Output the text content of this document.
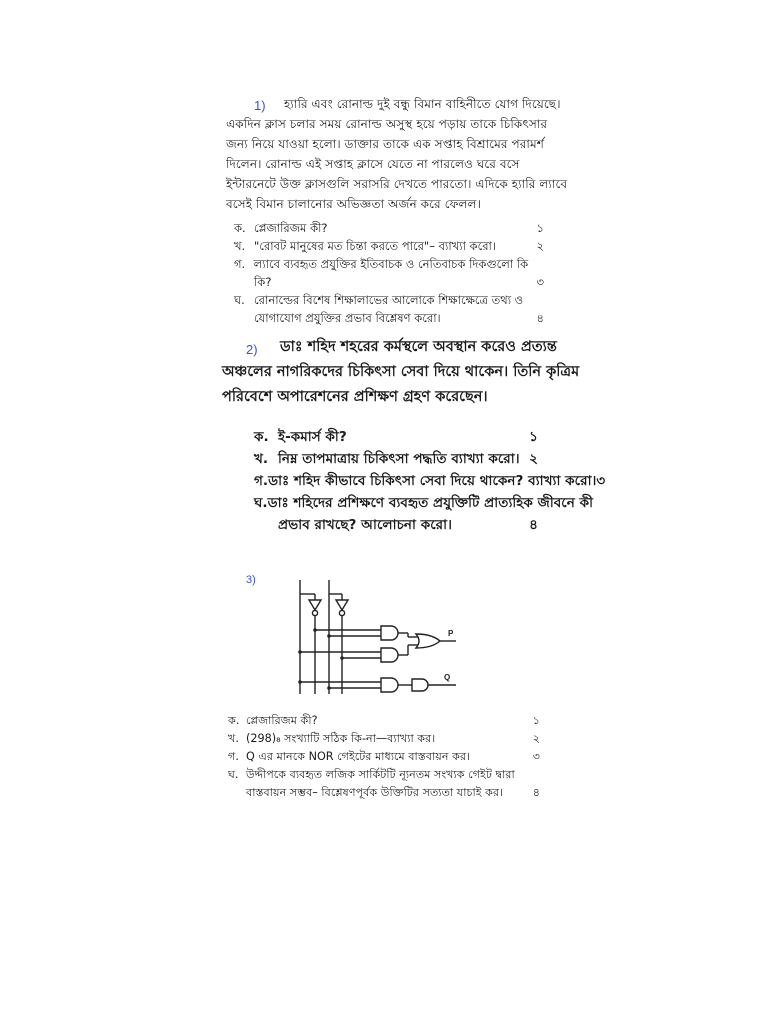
1)	হ্যারি এবং রোনাল্ড দুই বন্ধু বিমান বাহিনীতে যোগ দিয়েছে।
একদিন ক্লাস চলার সময় রোনাল্ড অসুস্থ হয়ে পড়ায় তাকে চিকিৎসার
জন্য নিয়ে যাওয়া হলো। ডাক্তার তাকে এক সপ্তাহ বিশ্রামের পরামর্শ
দিলেন। রোনাল্ড এই সপ্তাহ ক্লাসে যেতে না পারলেও ঘরে বসে
ইন্টারনেটে উক্ত ক্লাসগুলি সরাসরি দেখতে পারতো। এদিকে হ্যারি ল্যাবে
বসেই বিমান চালানোর অভিজ্ঞতা অর্জন করে ফেলল।
ক. প্লেজারিজম কী?	১
খ. "রোবট মানুষের মত চিন্তা করতে পারে"– ব্যাখ্যা করো।	২
গ. ল্যাবে ব্যবহৃত প্রযুক্তির ইতিবাচক ও নেতিবাচক দিকগুলো কি
কি?	৩
ঘ. রোনাল্ডের বিশেষ শিক্ষালাভের আলোকে শিক্ষাক্ষেত্রে তথ্য ও
যোগাযোগ প্রযুক্তির প্রভাব বিশ্লেষণ করো।	৪
2)	ডাঃ শহিদ শহরের কর্মস্থলে অবস্থান করেও প্রত্যন্ত
অঞ্চলের নাগরিকদের চিকিৎসা সেবা দিয়ে থাকেন। তিনি কৃত্রিম
পরিবেশে অপারেশনের প্রশিক্ষণ গ্রহণ করেছেন।
ক. ই-কমার্স কী?	১
খ. নিম্ন তাপমাত্রায় চিকিৎসা পদ্ধতি ব্যাখ্যা করো। ২
গ. ডাঃ শহিদ কীভাবে চিকিৎসা সেবা দিয়ে থাকেন? ব্যাখ্যা করো। ৩
ঘ. ডাঃ শহিদের প্রশিক্ষণে ব্যবহৃত প্রযুক্তিটি প্রাত্যহিক জীবনে কী
প্রভাব রাখছে? আলোচনা করো।	৪
3)
P
Q
ক. প্লেজারিজম কী?	১
খ. (298)₈ সংখ্যাটি সঠিক কি-না—ব্যাখ্যা কর।	২
গ. Q এর মানকে NOR গেইটের মাধ্যমে বাস্তবায়ন কর।	৩
ঘ. উদ্দীপকে ব্যবহৃত লজিক সার্কিটটি ন্যূনতম সংখ্যক গেইট দ্বারা
বাস্তবায়ন সম্ভব– বিশ্লেষণপূর্বক উক্তিটির সত্যতা যাচাই কর।	৪
